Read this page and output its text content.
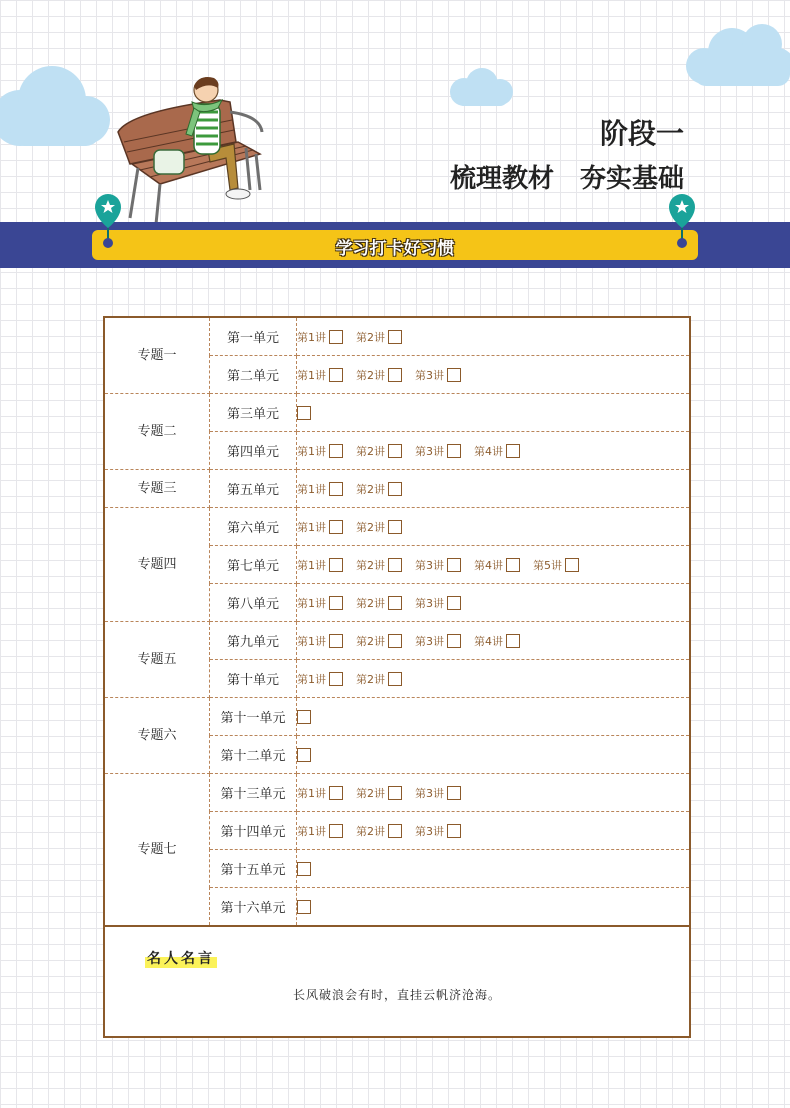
阶段一
梳理教材　夯实基础
学习打卡好习惯
专题一	第一单元	第1讲 第2讲
	第二单元	第1讲 第2讲 第3讲
专题二	第三单元	
	第四单元	第1讲 第2讲 第3讲 第4讲
专题三	第五单元	第1讲 第2讲
专题四	第六单元	第1讲 第2讲
	第七单元	第1讲 第2讲 第3讲 第4讲 第5讲
	第八单元	第1讲 第2讲 第3讲
专题五	第九单元	第1讲 第2讲 第3讲 第4讲
	第十单元	第1讲 第2讲
专题六	第十一单元	
	第十二单元	
专题七	第十三单元	第1讲 第2讲 第3讲
	第十四单元	第1讲 第2讲 第3讲
	第十五单元	
	第十六单元	
名人名言
长风破浪会有时，直挂云帆济沧海。
